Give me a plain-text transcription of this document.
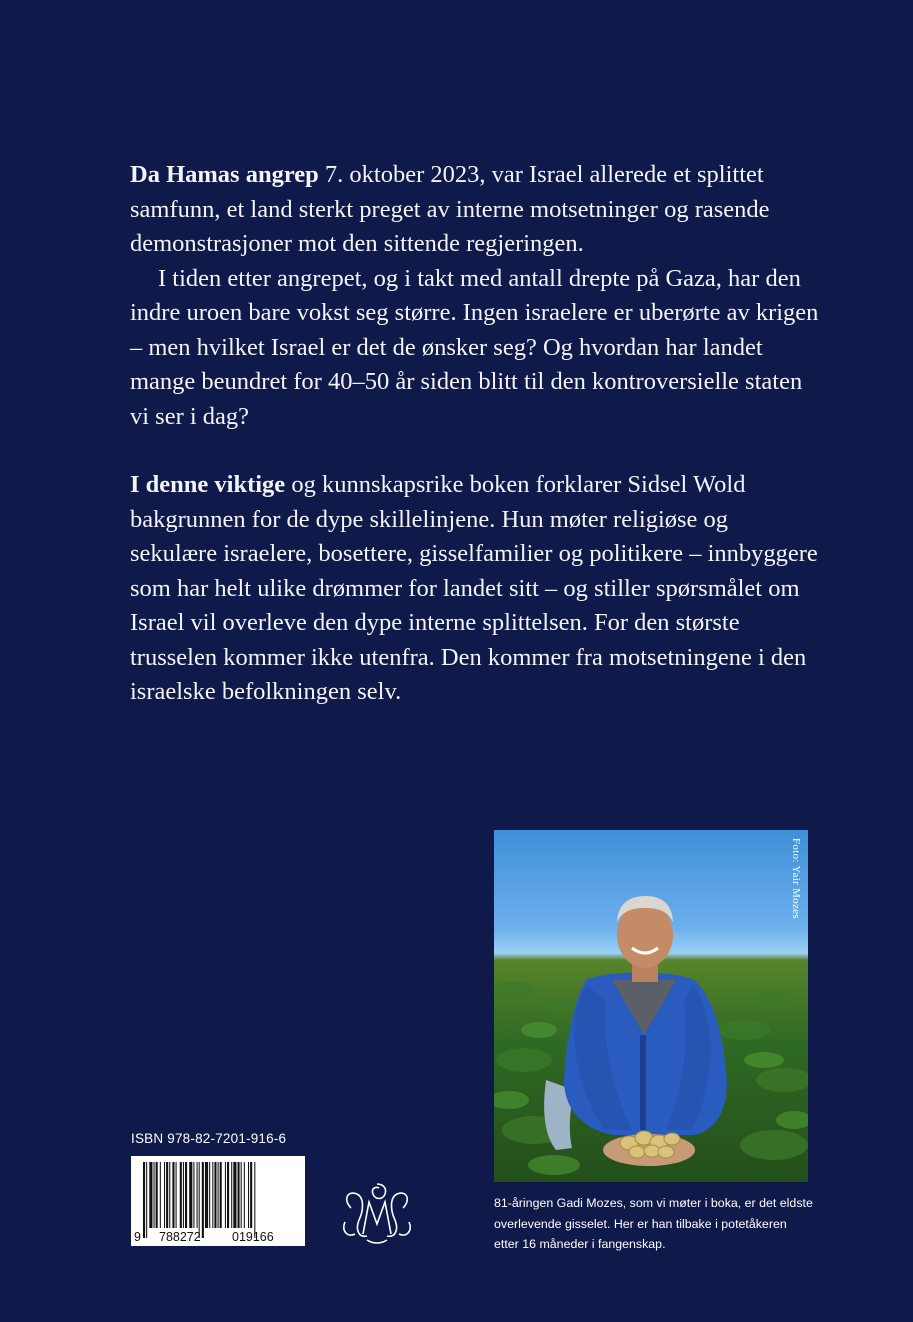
Da Hamas angrep 7. oktober 2023, var Israel allerede et splittet samfunn, et land sterkt preget av interne motsetninger og rasende demonstrasjoner mot den sittende regjeringen.

I tiden etter angrepet, og i takt med antall drepte på Gaza, har den indre uroen bare vokst seg større. Ingen israelere er uberørte av krigen – men hvilket Israel er det de ønsker seg? Og hvordan har landet mange beundret for 40–50 år siden blitt til den kontroversielle staten vi ser i dag?

I denne viktige og kunnskapsrike boken forklarer Sidsel Wold bakgrunnen for de dype skillelinjene. Hun møter religiøse og sekulære israelere, bosettere, gisselfamilier og politikere – innbyggere som har helt ulike drømmer for landet sitt – og stiller spørsmålet om Israel vil overleve den dype interne splittelsen. For den største trusselen kommer ikke utenfra. Den kommer fra motsetningene i den israelske befolkningen selv.

Foto: Yair Mozes
81-åringen Gadi Mozes, som vi møter i boka, er det eldste overlevende gisselet. Her er han tilbake i potetåkeren etter 16 måneder i fangenskap.
ISBN 978-82-7201-916-6
9 788272	019166
